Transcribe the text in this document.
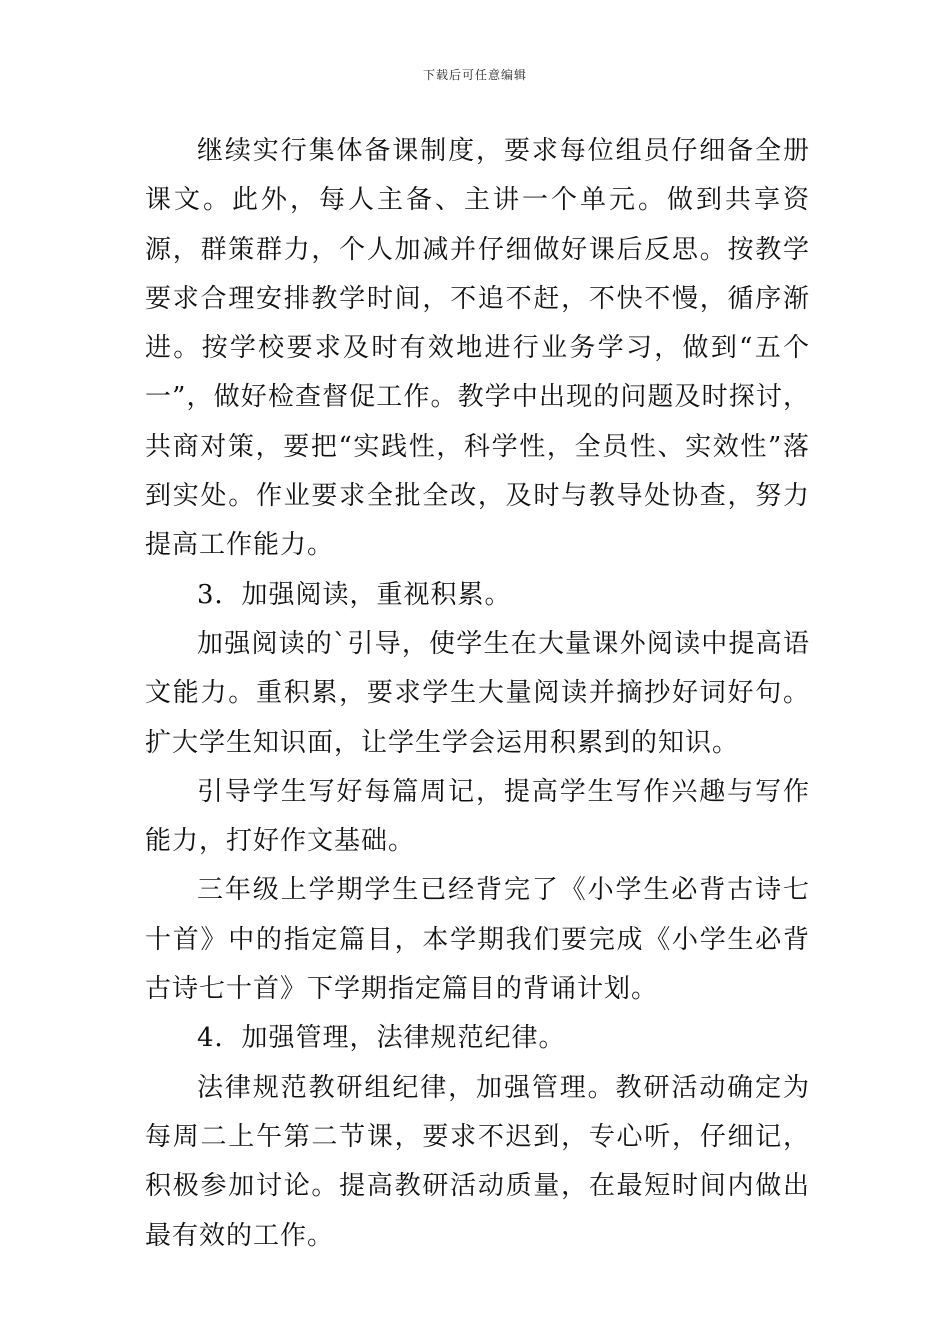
下载后可任意编辑

继续实行集体备课制度，要求每位组员仔细备全册课文。此外，每人主备、主讲一个单元。做到共享资源，群策群力，个人加减并仔细做好课后反思。按教学要求合理安排教学时间，不追不赶，不快不慢，循序渐进。按学校要求及时有效地进行业务学习，做到“五个一”，做好检查督促工作。教学中出现的问题及时探讨，共商对策，要把“实践性，科学性，全员性、实效性”落到实处。作业要求全批全改，及时与教导处协查，努力提高工作能力。

3．加强阅读，重视积累。

加强阅读的`引导，使学生在大量课外阅读中提高语文能力。重积累，要求学生大量阅读并摘抄好词好句。扩大学生知识面，让学生学会运用积累到的知识。

引导学生写好每篇周记，提高学生写作兴趣与写作能力，打好作文基础。

三年级上学期学生已经背完了《小学生必背古诗七十首》中的指定篇目，本学期我们要完成《小学生必背古诗七十首》下学期指定篇目的背诵计划。

4．加强管理，法律规范纪律。

法律规范教研组纪律，加强管理。教研活动确定为每周二上午第二节课，要求不迟到，专心听，仔细记，积极参加讨论。提高教研活动质量，在最短时间内做出最有效的工作。
